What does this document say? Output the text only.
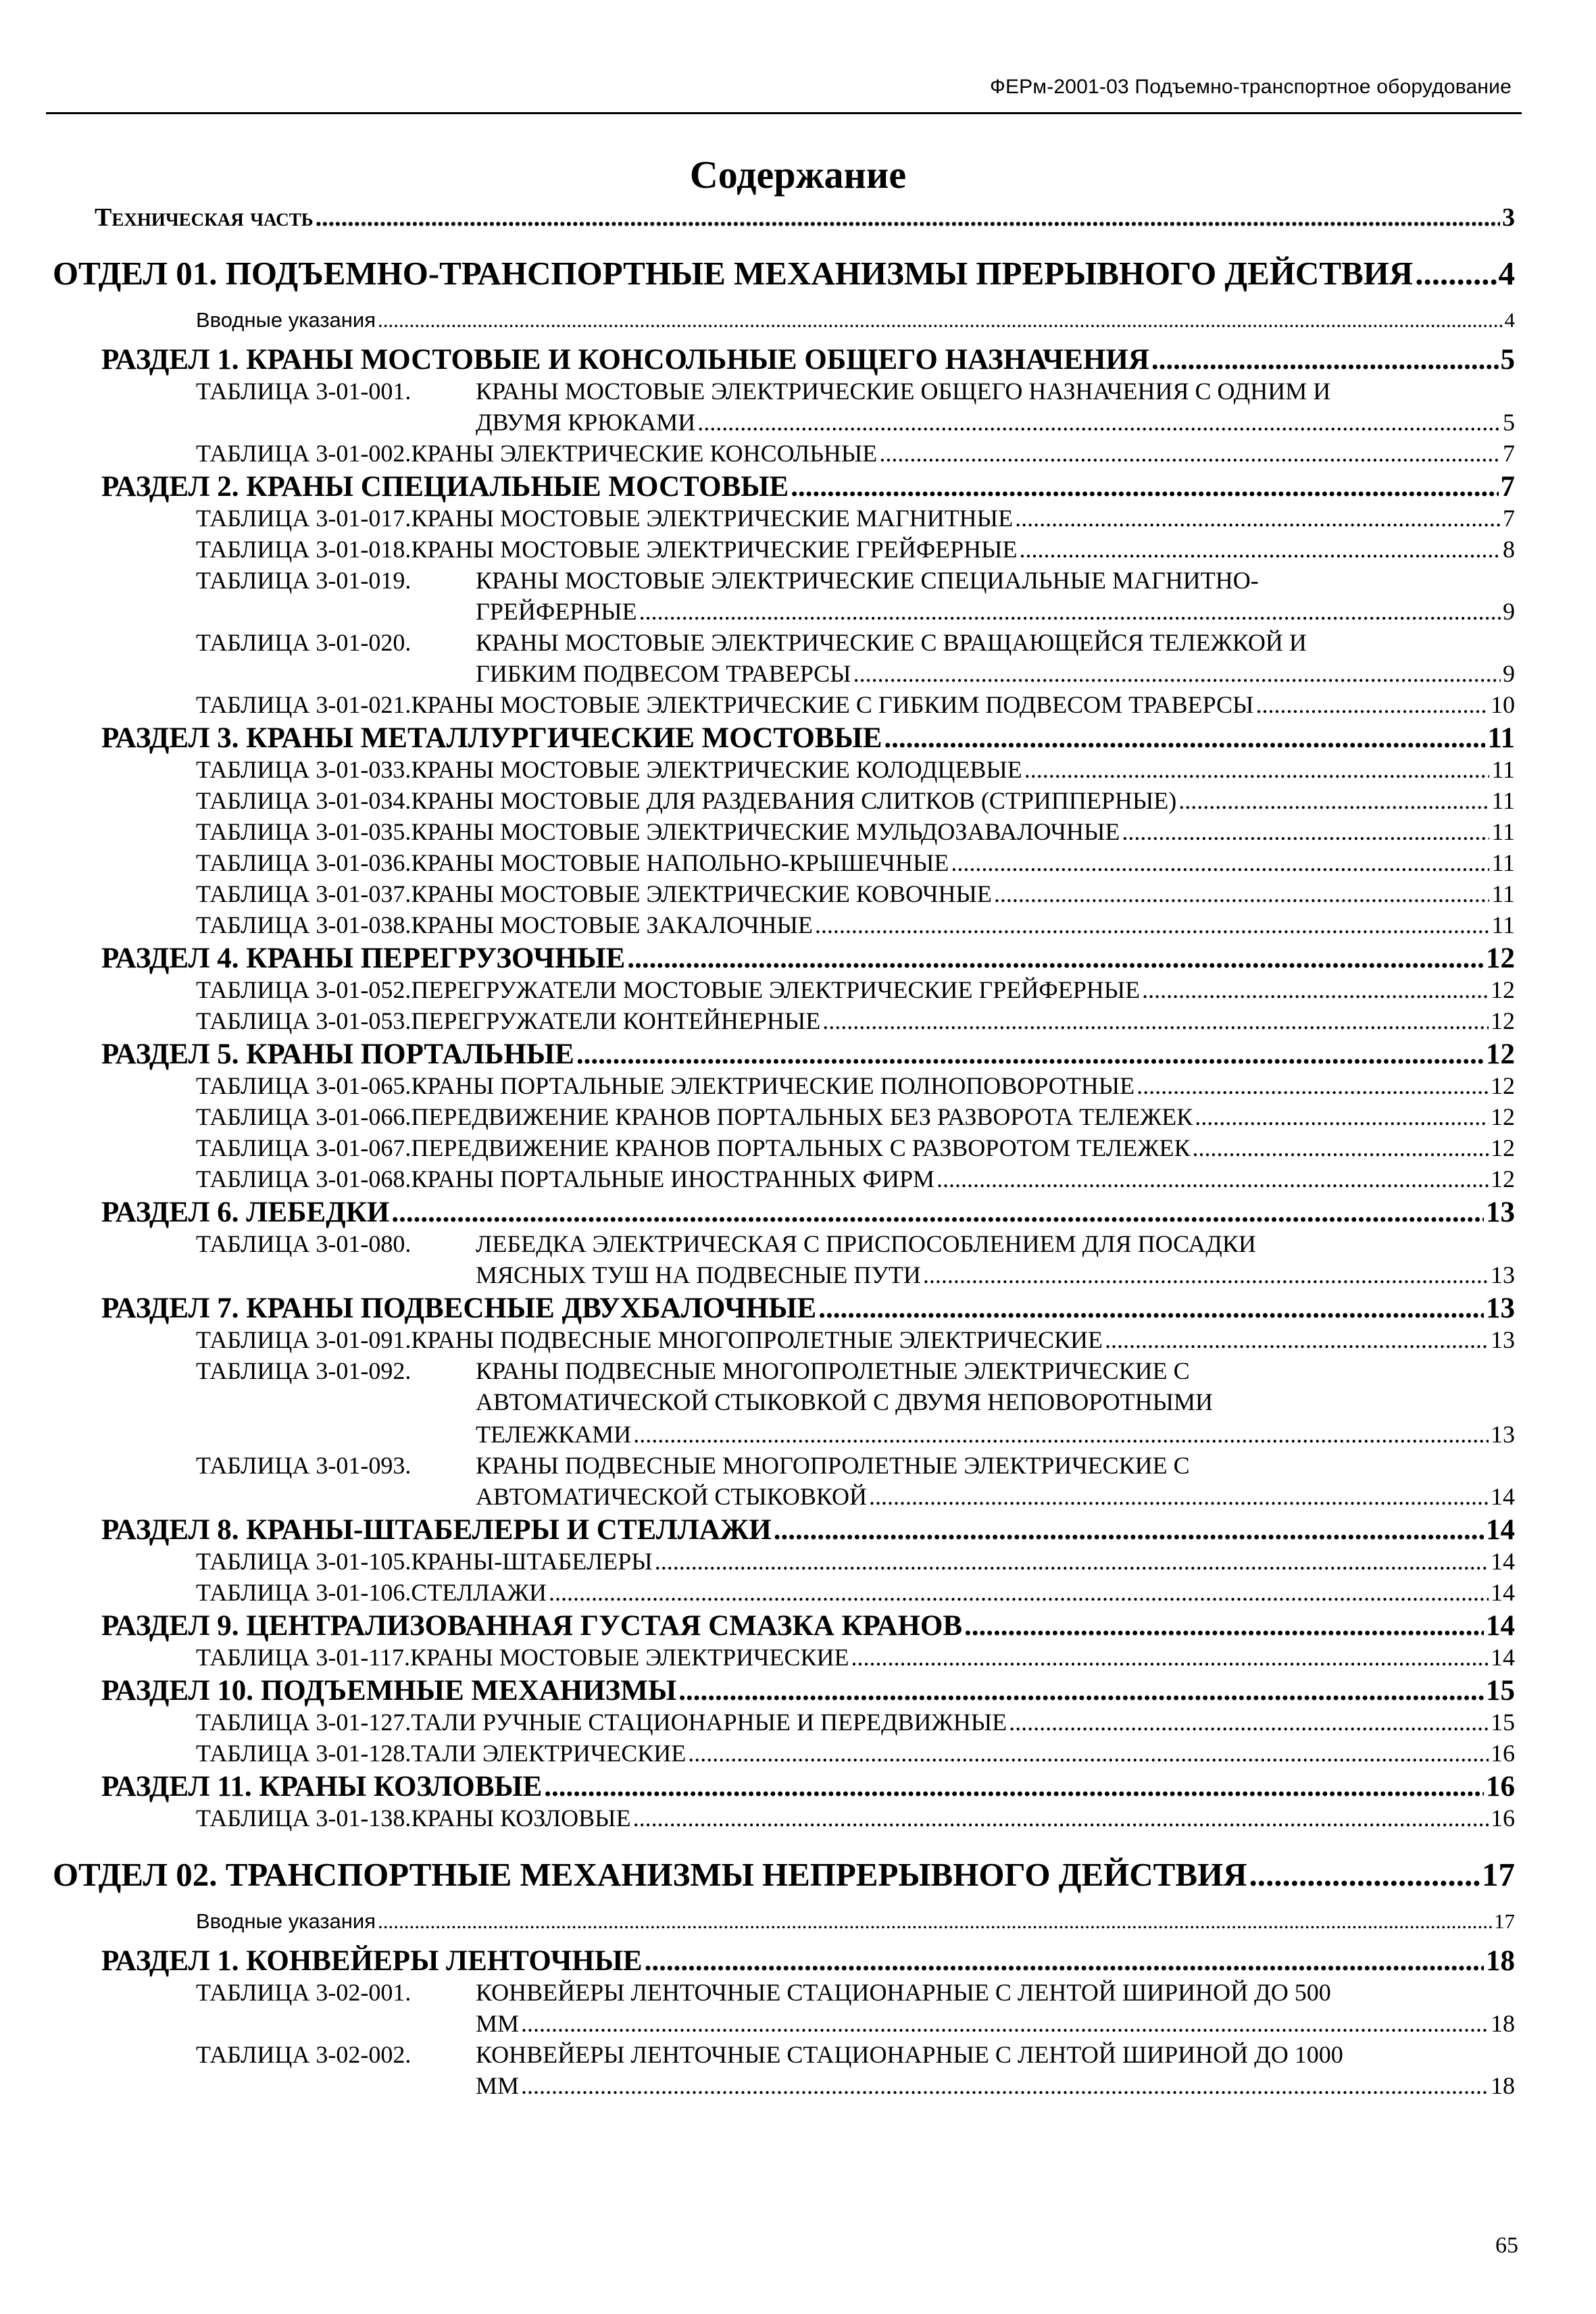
ФЕРм-2001-03 Подъемно-транспортное оборудование
Содержание
Техническая часть .....	3
ОТДЕЛ 01. ПОДЪЕМНО-ТРАНСПОРТНЫЕ МЕХАНИЗМЫ ПРЕРЫВНОГО ДЕЙСТВИЯ .....	4
Вводные указания .....	4
РАЗДЕЛ 1. КРАНЫ МОСТОВЫЕ И КОНСОЛЬНЫЕ ОБЩЕГО НАЗНАЧЕНИЯ .....	5
ТАБЛИЦА 3-01-001.	КРАНЫ МОСТОВЫЕ ЭЛЕКТРИЧЕСКИЕ ОБЩЕГО НАЗНАЧЕНИЯ С ОДНИМ И
ДВУМЯ КРЮКАМИ .....	5
ТАБЛИЦА 3-01-002. КРАНЫ ЭЛЕКТРИЧЕСКИЕ КОНСОЛЬНЫЕ .....	7
РАЗДЕЛ 2. КРАНЫ СПЕЦИАЛЬНЫЕ МОСТОВЫЕ .....	7
ТАБЛИЦА 3-01-017. КРАНЫ МОСТОВЫЕ ЭЛЕКТРИЧЕСКИЕ МАГНИТНЫЕ .....	7
ТАБЛИЦА 3-01-018. КРАНЫ МОСТОВЫЕ ЭЛЕКТРИЧЕСКИЕ ГРЕЙФЕРНЫЕ .....	8
ТАБЛИЦА 3-01-019.	КРАНЫ МОСТОВЫЕ ЭЛЕКТРИЧЕСКИЕ СПЕЦИАЛЬНЫЕ МАГНИТНО-
ГРЕЙФЕРНЫЕ .....	9
ТАБЛИЦА 3-01-020.	КРАНЫ МОСТОВЫЕ ЭЛЕКТРИЧЕСКИЕ С ВРАЩАЮЩЕЙСЯ ТЕЛЕЖКОЙ И
ГИБКИМ ПОДВЕСОМ ТРАВЕРСЫ .....	9
ТАБЛИЦА 3-01-021. КРАНЫ МОСТОВЫЕ ЭЛЕКТРИЧЕСКИЕ С ГИБКИМ ПОДВЕСОМ ТРАВЕРСЫ .....	10
РАЗДЕЛ 3. КРАНЫ МЕТАЛЛУРГИЧЕСКИЕ МОСТОВЫЕ .....	11
ТАБЛИЦА 3-01-033. КРАНЫ МОСТОВЫЕ ЭЛЕКТРИЧЕСКИЕ КОЛОДЦЕВЫЕ .....	11
ТАБЛИЦА 3-01-034. КРАНЫ МОСТОВЫЕ ДЛЯ РАЗДЕВАНИЯ СЛИТКОВ (СТРИППЕРНЫЕ) .....	11
ТАБЛИЦА 3-01-035. КРАНЫ МОСТОВЫЕ ЭЛЕКТРИЧЕСКИЕ МУЛЬДОЗАВАЛОЧНЫЕ .....	11
ТАБЛИЦА 3-01-036. КРАНЫ МОСТОВЫЕ НАПОЛЬНО-КРЫШЕЧНЫЕ .....	11
ТАБЛИЦА 3-01-037. КРАНЫ МОСТОВЫЕ ЭЛЕКТРИЧЕСКИЕ КОВОЧНЫЕ .....	11
ТАБЛИЦА 3-01-038. КРАНЫ МОСТОВЫЕ ЗАКАЛОЧНЫЕ .....	11
РАЗДЕЛ 4. КРАНЫ ПЕРЕГРУЗОЧНЫЕ .....	12
ТАБЛИЦА 3-01-052. ПЕРЕГРУЖАТЕЛИ МОСТОВЫЕ ЭЛЕКТРИЧЕСКИЕ ГРЕЙФЕРНЫЕ .....	12
ТАБЛИЦА 3-01-053. ПЕРЕГРУЖАТЕЛИ КОНТЕЙНЕРНЫЕ .....	12
РАЗДЕЛ 5. КРАНЫ ПОРТАЛЬНЫЕ .....	12
ТАБЛИЦА 3-01-065. КРАНЫ ПОРТАЛЬНЫЕ ЭЛЕКТРИЧЕСКИЕ ПОЛНОПОВОРОТНЫЕ .....	12
ТАБЛИЦА 3-01-066. ПЕРЕДВИЖЕНИЕ КРАНОВ ПОРТАЛЬНЫХ БЕЗ РАЗВОРОТА ТЕЛЕЖЕК .....	12
ТАБЛИЦА 3-01-067. ПЕРЕДВИЖЕНИЕ КРАНОВ ПОРТАЛЬНЫХ С РАЗВОРОТОМ ТЕЛЕЖЕК .....	12
ТАБЛИЦА 3-01-068. КРАНЫ ПОРТАЛЬНЫЕ ИНОСТРАННЫХ ФИРМ .....	12
РАЗДЕЛ 6. ЛЕБЕДКИ .....	13
ТАБЛИЦА 3-01-080.	ЛЕБЕДКА ЭЛЕКТРИЧЕСКАЯ С ПРИСПОСОБЛЕНИЕМ ДЛЯ ПОСАДКИ
МЯСНЫХ ТУШ НА ПОДВЕСНЫЕ ПУТИ .....	13
РАЗДЕЛ 7. КРАНЫ ПОДВЕСНЫЕ ДВУХБАЛОЧНЫЕ .....	13
ТАБЛИЦА 3-01-091. КРАНЫ ПОДВЕСНЫЕ МНОГОПРОЛЕТНЫЕ ЭЛЕКТРИЧЕСКИЕ .....	13
ТАБЛИЦА 3-01-092.	КРАНЫ ПОДВЕСНЫЕ МНОГОПРОЛЕТНЫЕ ЭЛЕКТРИЧЕСКИЕ С
АВТОМАТИЧЕСКОЙ СТЫКОВКОЙ С ДВУМЯ НЕПОВОРОТНЫМИ
ТЕЛЕЖКАМИ .....	13
ТАБЛИЦА 3-01-093.	КРАНЫ ПОДВЕСНЫЕ МНОГОПРОЛЕТНЫЕ ЭЛЕКТРИЧЕСКИЕ С
АВТОМАТИЧЕСКОЙ СТЫКОВКОЙ .....	14
РАЗДЕЛ 8. КРАНЫ-ШТАБЕЛЕРЫ И СТЕЛЛАЖИ .....	14
ТАБЛИЦА 3-01-105. КРАНЫ-ШТАБЕЛЕРЫ .....	14
ТАБЛИЦА 3-01-106. СТЕЛЛАЖИ .....	14
РАЗДЕЛ 9. ЦЕНТРАЛИЗОВАННАЯ ГУСТАЯ СМАЗКА КРАНОВ .....	14
ТАБЛИЦА 3-01-117. КРАНЫ МОСТОВЫЕ ЭЛЕКТРИЧЕСКИЕ .....	14
РАЗДЕЛ 10. ПОДЪЕМНЫЕ МЕХАНИЗМЫ .....	15
ТАБЛИЦА 3-01-127. ТАЛИ РУЧНЫЕ СТАЦИОНАРНЫЕ И ПЕРЕДВИЖНЫЕ .....	15
ТАБЛИЦА 3-01-128. ТАЛИ ЭЛЕКТРИЧЕСКИЕ .....	16
РАЗДЕЛ 11. КРАНЫ КОЗЛОВЫЕ .....	16
ТАБЛИЦА 3-01-138. КРАНЫ КОЗЛОВЫЕ .....	16
ОТДЕЛ 02. ТРАНСПОРТНЫЕ МЕХАНИЗМЫ НЕПРЕРЫВНОГО ДЕЙСТВИЯ .....	17
Вводные указания .....	17
РАЗДЕЛ 1. КОНВЕЙЕРЫ ЛЕНТОЧНЫЕ .....	18
ТАБЛИЦА 3-02-001.	КОНВЕЙЕРЫ ЛЕНТОЧНЫЕ СТАЦИОНАРНЫЕ С ЛЕНТОЙ ШИРИНОЙ ДО 500
ММ .....	18
ТАБЛИЦА 3-02-002.	КОНВЕЙЕРЫ ЛЕНТОЧНЫЕ СТАЦИОНАРНЫЕ С ЛЕНТОЙ ШИРИНОЙ ДО 1000
ММ .....	18
65
